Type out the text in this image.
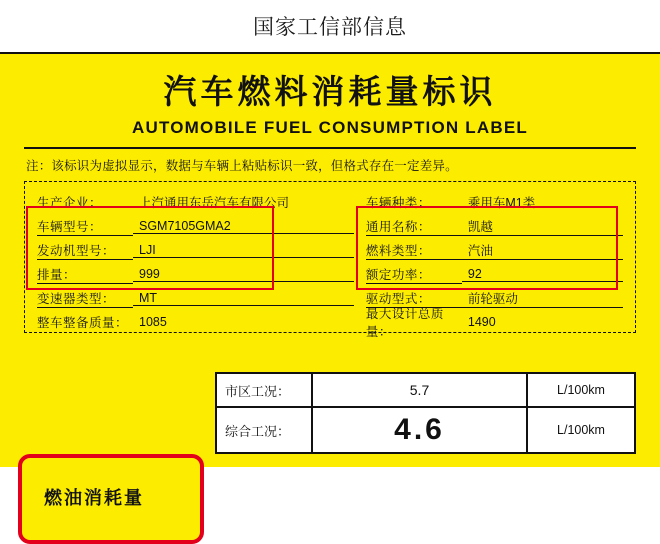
国家工信部信息
汽车燃料消耗量标识
AUTOMOBILE FUEL CONSUMPTION LABEL
注：该标识为虚拟显示，数据与车辆上粘贴标识一致，但格式存在一定差异。
生产企业：	上汽通用东岳汽车有限公司
车辆型号：	SGM7105GMA2
发动机型号：	LJI
排量：	999
变速器类型：	MT
整车整备质量： 1085
车辆种类：	乘用车M1类
通用名称：	凯越
燃料类型：	汽油
额定功率：	92
驱动型式：	前轮驱动
最大设计总质量：
1490
燃油消耗量
市区工况：	5.7	L/100km
综合工况：	4.6	L/100km
